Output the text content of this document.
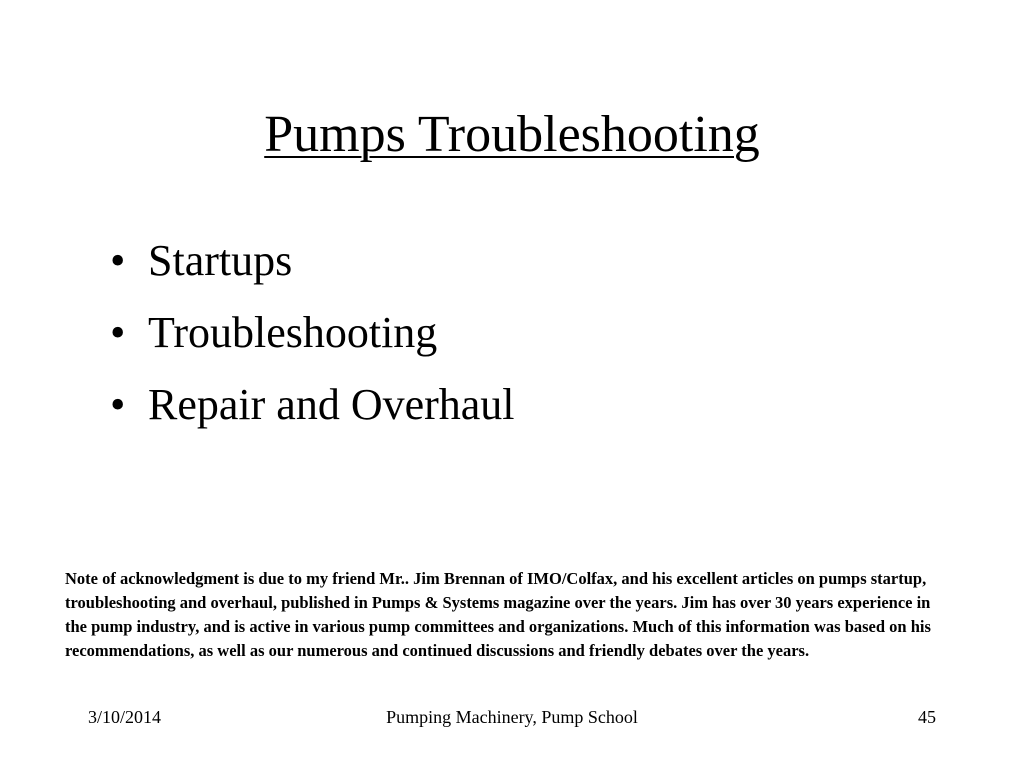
Pumps Troubleshooting
• Startups
• Troubleshooting
• Repair and Overhaul

Note of acknowledgment is due to my friend Mr.. Jim Brennan of IMO/Colfax, and his excellent articles on pumps startup, troubleshooting and overhaul, published in Pumps & Systems magazine over the years. Jim has over 30 years experience in the pump industry, and is active in various pump committees and organizations. Much of this information was based on his recommendations, as well as our numerous and continued discussions and friendly debates over the years.

3/10/2014	Pumping Machinery, Pump School	45
